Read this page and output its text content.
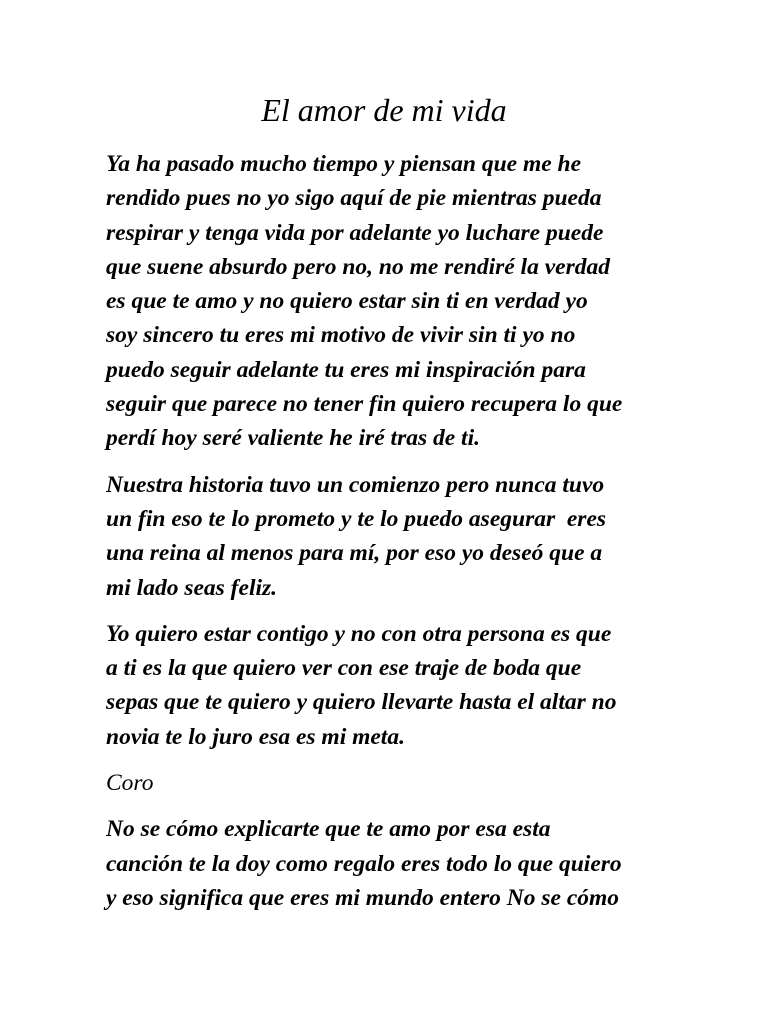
El amor de mi vida
Ya ha pasado mucho tiempo y piensan que me he
rendido pues no yo sigo aquí de pie mientras pueda
respirar y tenga vida por adelante yo luchare puede
que suene absurdo pero no, no me rendiré la verdad
es que te amo y no quiero estar sin ti en verdad yo
soy sincero tu eres mi motivo de vivir sin ti yo no
puedo seguir adelante tu eres mi inspiración para
seguir que parece no tener fin quiero recupera lo que
perdí hoy seré valiente he iré tras de ti.
Nuestra historia tuvo un comienzo pero nunca tuvo
un fin eso te lo prometo y te lo puedo asegurar  eres
una reina al menos para mí, por eso yo deseó que a
mi lado seas feliz.
Yo quiero estar contigo y no con otra persona es que
a ti es la que quiero ver con ese traje de boda que
sepas que te quiero y quiero llevarte hasta el altar no
novia te lo juro esa es mi meta.
Coro
No se cómo explicarte que te amo por esa esta
canción te la doy como regalo eres todo lo que quiero
y eso significa que eres mi mundo entero No se cómo
